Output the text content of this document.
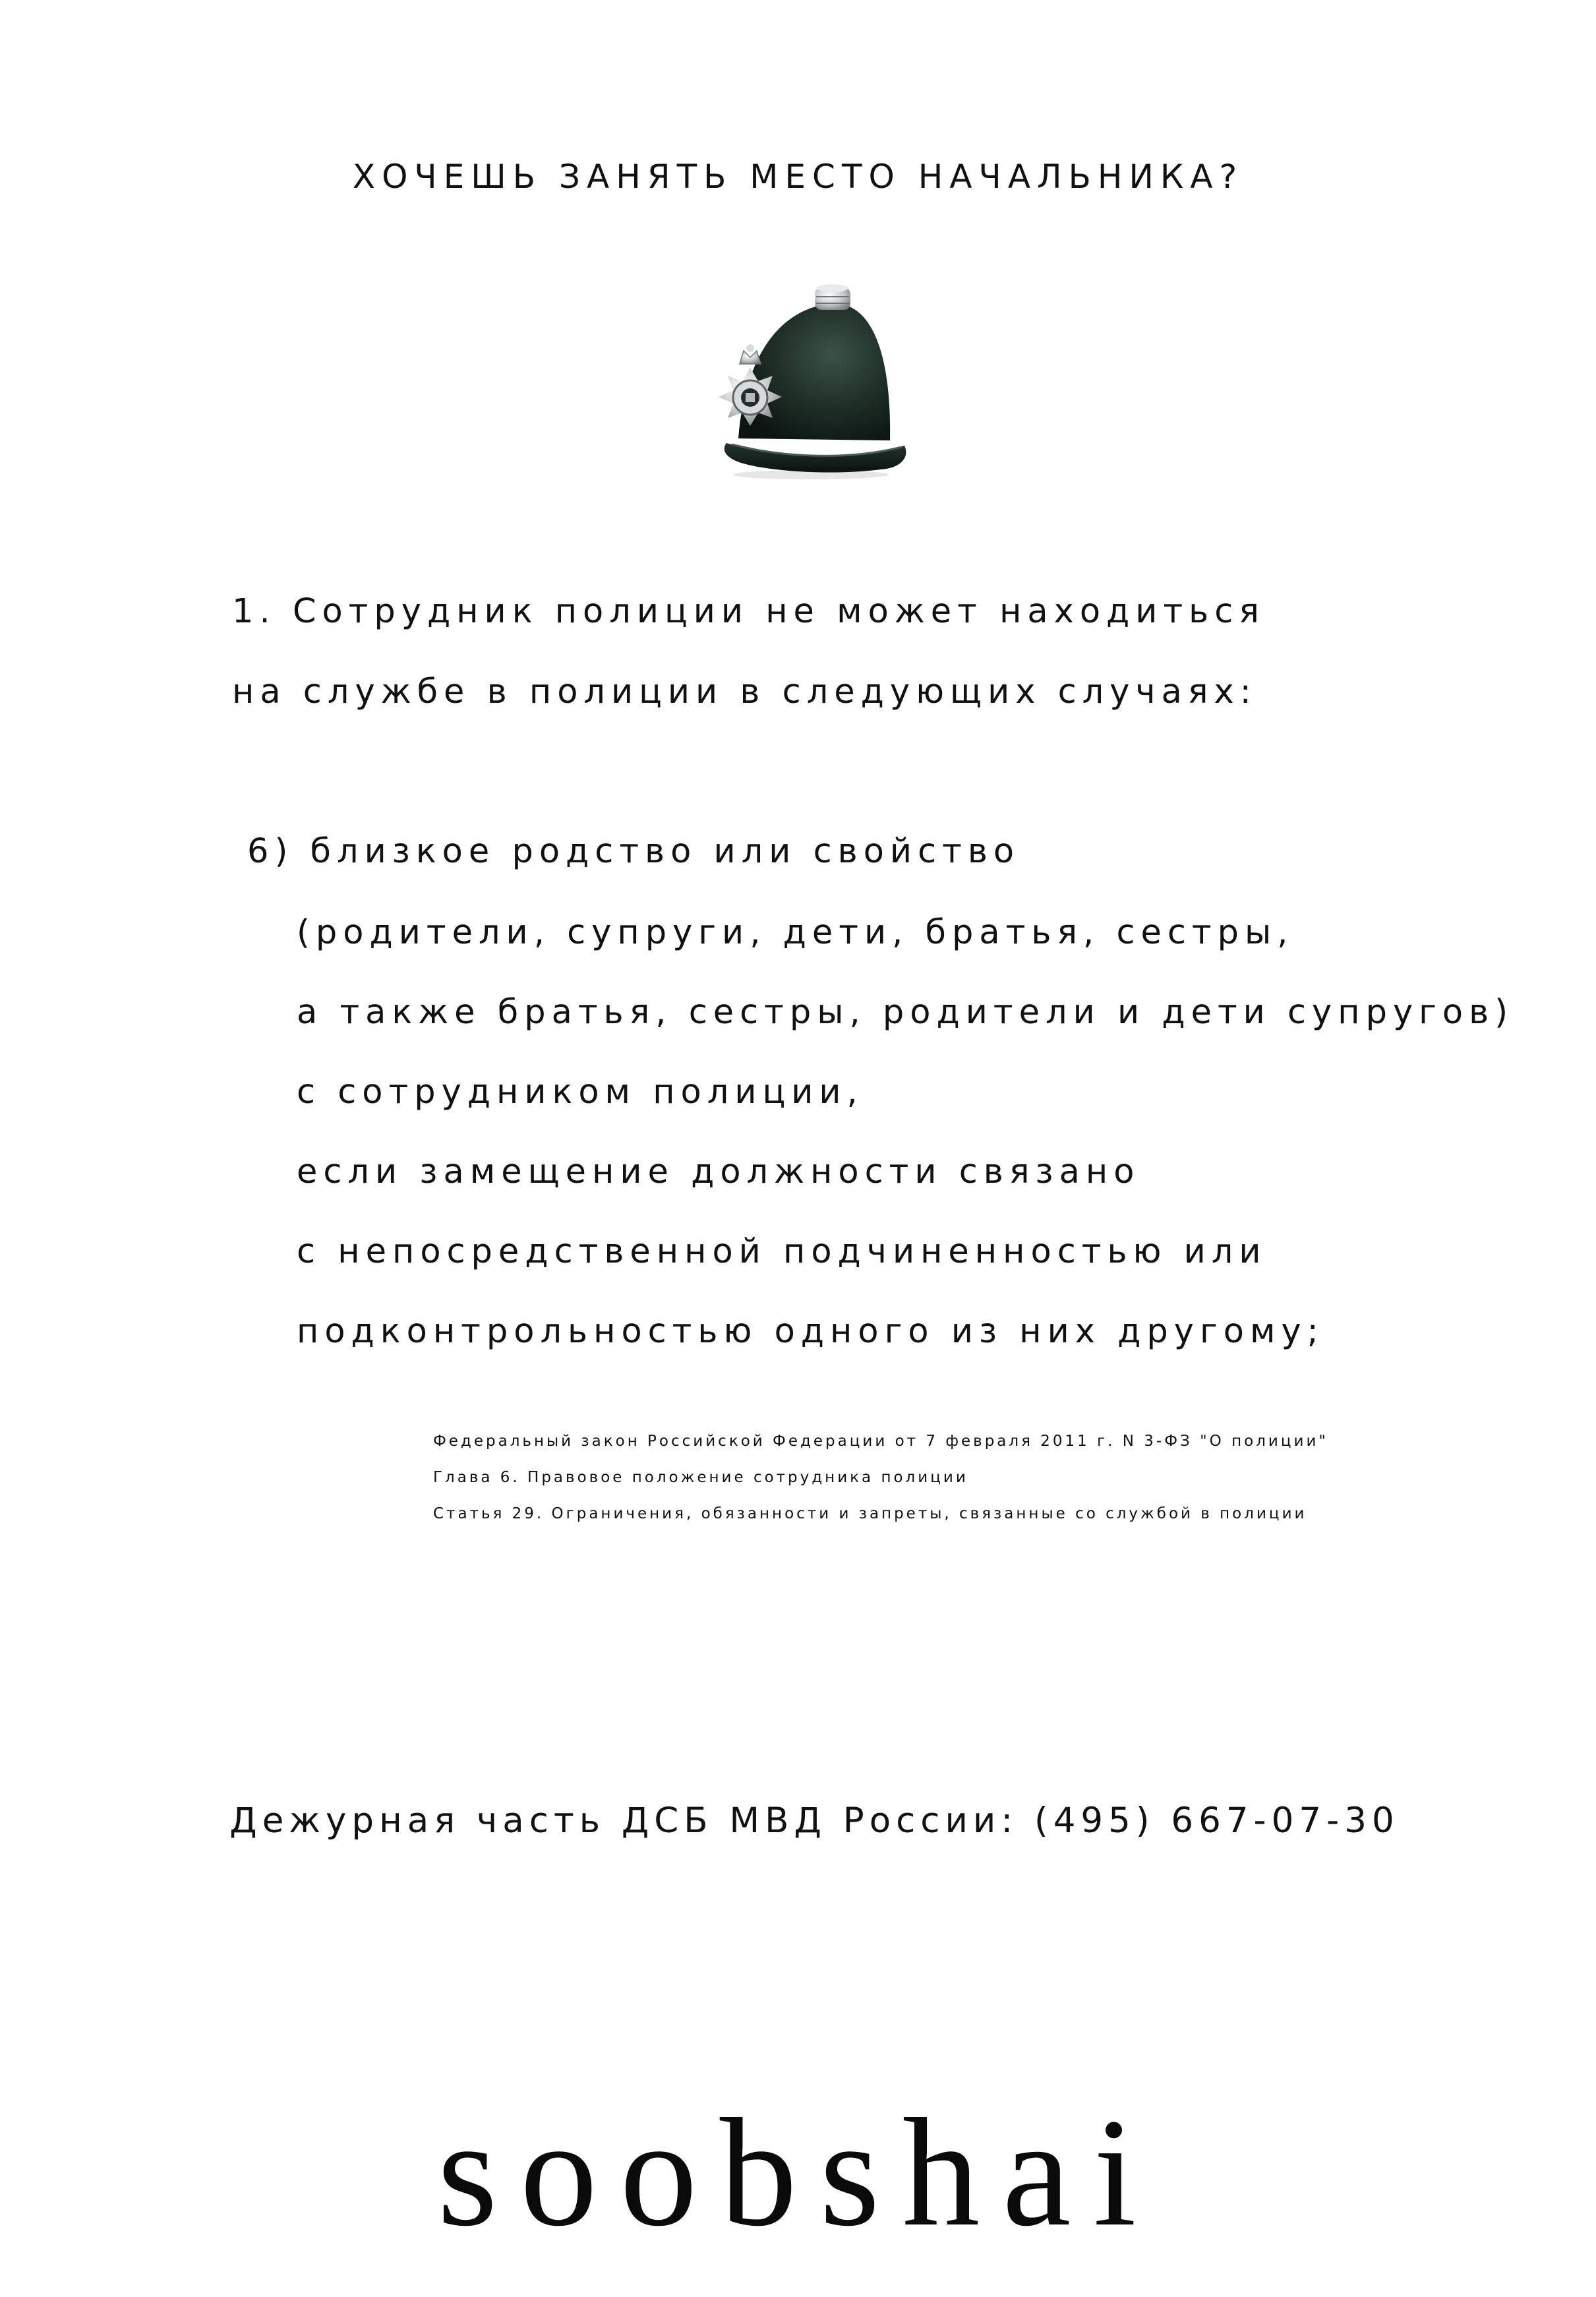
ХОЧЕШЬ ЗАНЯТЬ МЕСТО НАЧАЛЬНИКА?
1. Сотрудник полиции не может находиться
на службе в полиции в следующих случаях:
6) близкое родство или свойство
(родители, супруги, дети, братья, сестры,
а также братья, сестры, родители и дети супругов)
с сотрудником полиции,
если замещение должности связано
с непосредственной подчиненностью или
подконтрольностью одного из них другому;
Федеральный закон Российской Федерации от 7 февраля 2011 г. N 3-ФЗ "О полиции"
Глава 6. Правовое положение сотрудника полиции
Статья 29. Ограничения, обязанности и запреты, связанные со службой в полиции
Дежурная часть ДСБ МВД России: (495) 667-07-30
soobshai
